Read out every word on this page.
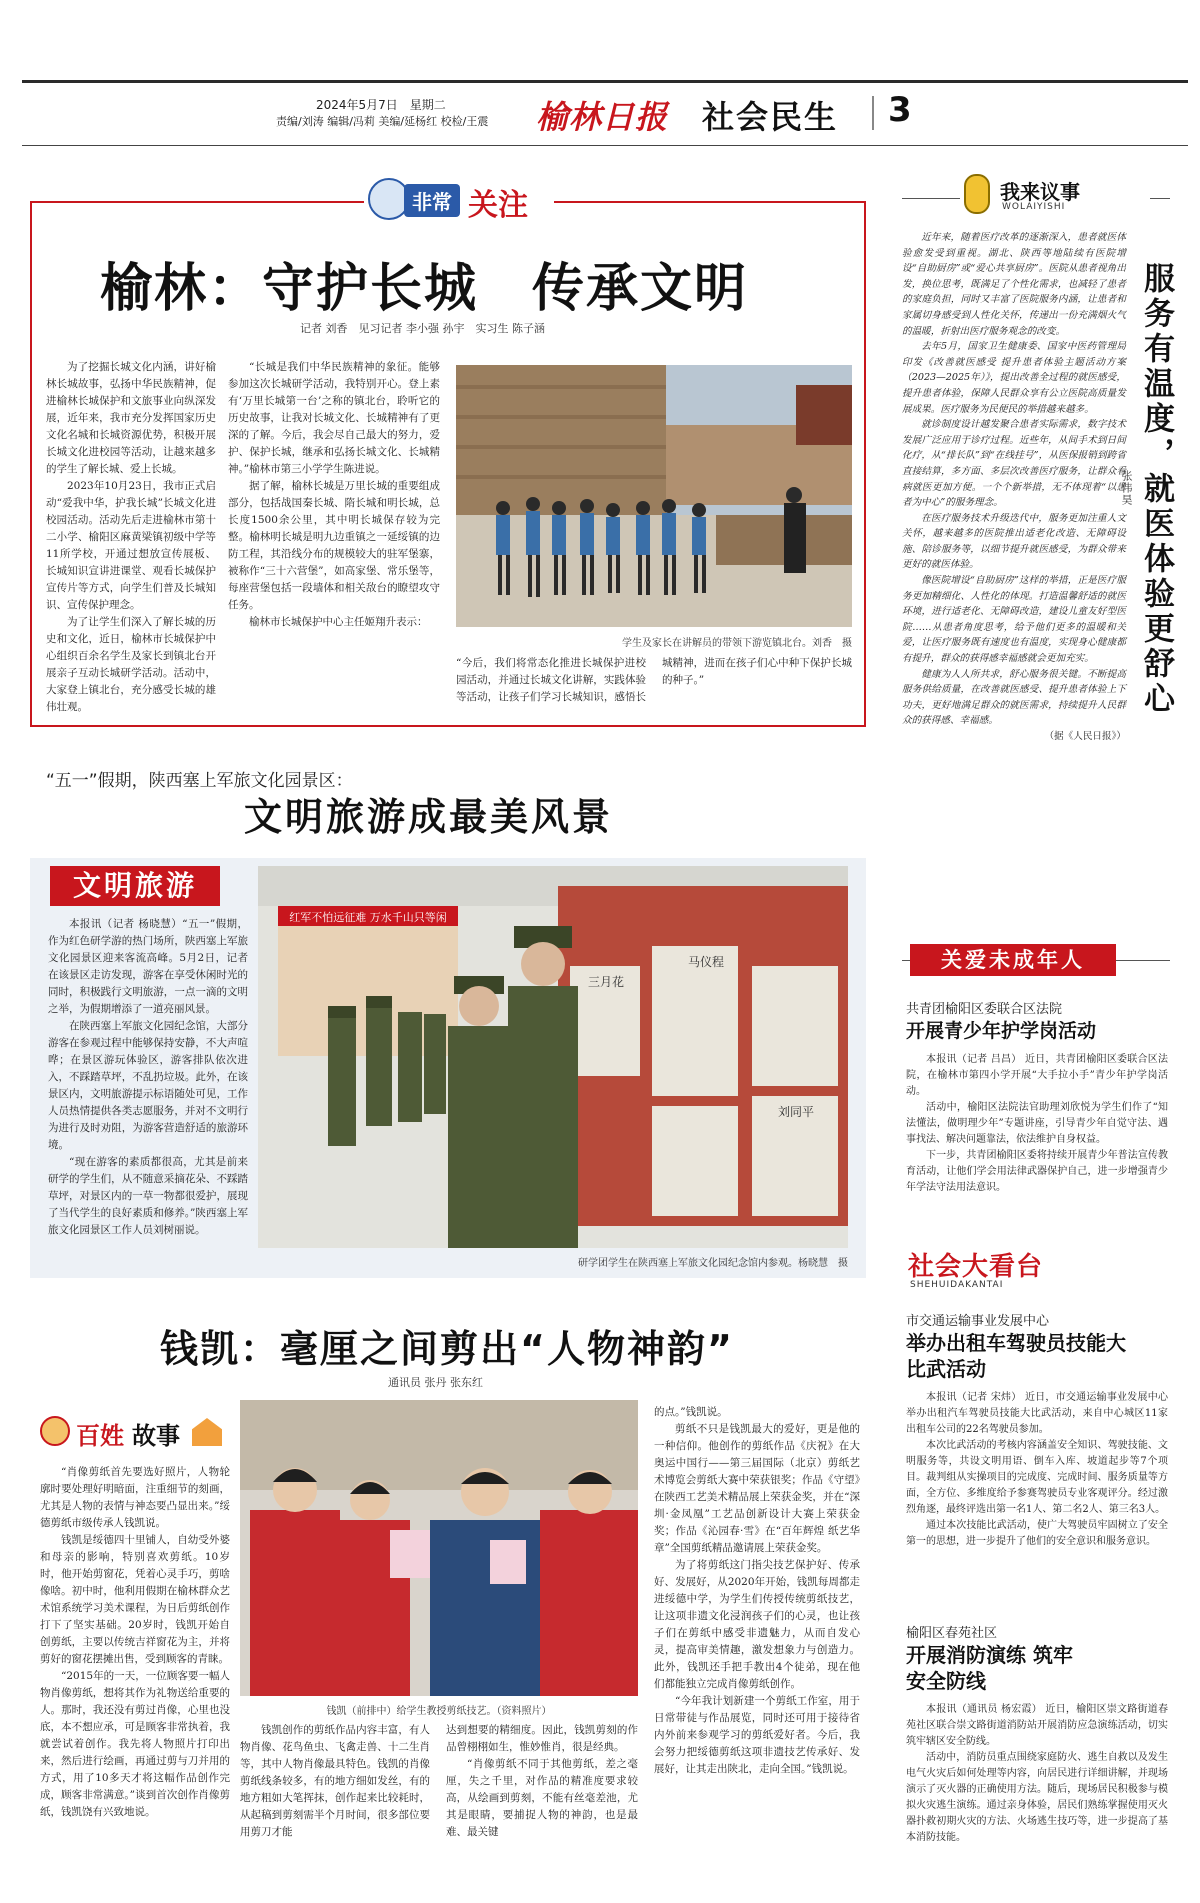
2024年5月7日　星期二
责编/刘涛 编辑/冯莉 美编/延杨红 校检/王震 榆林日报 社会民生 3
非常 关注
榆林：守护长城　传承文明
记者 刘香　见习记者 李小强 孙宇　实习生 陈子涵

为了挖掘长城文化内涵，讲好榆林长城故事，弘扬中华民族精神，促进榆林长城保护和文旅事业向纵深发展，近年来，我市充分发挥国家历史文化名城和长城资源优势，积极开展长城文化进校园等活动，让越来越多的学生了解长城、爱上长城。

2023年10月23日，我市正式启动“爱我中华，护我长城”长城文化进校园活动。活动先后走进榆林市第十二小学、榆阳区麻黄梁镇初级中学等11所学校，开通过想放宣传展板、长城知识宣讲进课堂、观看长城保护宣传片等方式，向学生们普及长城知识、宣传保护理念。

为了让学生们深入了解长城的历史和文化，近日，榆林市长城保护中心组织百余名学生及家长到镇北台开展亲子互动长城研学活动。活动中，大家登上镇北台，充分感受长城的雄伟壮观。

“长城是我们中华民族精神的象征。能够参加这次长城研学活动，我特别开心。登上素有‘万里长城第一台’之称的镇北台，聆听它的历史故事，让我对长城文化、长城精神有了更深的了解。今后，我会尽自己最大的努力，爱护、保护长城，继承和弘扬长城文化、长城精神。”榆林市第三小学学生陈进说。

据了解，榆林长城是万里长城的重要组成部分，包括战国秦长城、隋长城和明长城，总长度1500余公里，其中明长城保存较为完整。榆林明长城是明九边重镇之一延绥镇的边防工程，其沿线分布的规模较大的驻军堡寨，被称作“三十六营堡”，如高家堡、常乐堡等，每座营堡包括一段墙体和相关敌台的瞭望攻守任务。

榆林市长城保护中心主任姬翔升表示：

学生及家长在讲解员的带领下游览镇北台。刘香　摄
“今后，我们将常态化推进长城保护进校园活动，并通过长城文化讲解，实践体验等活动，让孩子们学习长城知识，感悟长城精神，进而在孩子们心中种下保护长城的种子。”
“五一”假期，陕西塞上军旅文化园景区：
文明旅游成最美风景
文明旅游

本报讯（记者 杨晓慧）“五一”假期，作为红色研学游的热门场所，陕西塞上军旅文化园景区迎来客流高峰。5月2日，记者在该景区走访发现，游客在享受休闲时光的同时，积极践行文明旅游，一点一滴的文明之举，为假期增添了一道亮丽风景。

在陕西塞上军旅文化园纪念馆，大部分游客在参观过程中能够保持安静，不大声喧哗；在景区游玩体验区，游客排队依次进入，不踩踏草坪，不乱扔垃圾。此外，在该景区内，文明旅游提示标语随处可见，工作人员热情提供各类志愿服务，并对不文明行为进行及时劝阻，为游客营造舒适的旅游环境。

“现在游客的素质都很高，尤其是前来研学的学生们，从不随意采摘花朵、不踩踏草坪，对景区内的一草一物都很爱护，展现了当代学生的良好素质和修养。”陕西塞上军旅文化园景区工作人员刘树丽说。

红军不怕远征难 万水千山只等闲
马仪程
刘同平
三月花
研学团学生在陕西塞上军旅文化园纪念馆内参观。杨晓慧　摄
钱凯：毫厘之间剪出“人物神韵”
通讯员 张丹 张东红
百姓 故事

“肖像剪纸首先要选好照片，人物轮廓时要处理好明暗面，注重细节的刻画，尤其是人物的表情与神态要凸显出来。”绥德剪纸市级传承人钱凯说。

钱凯是绥德四十里铺人，自幼受外婆和母亲的影响，特别喜欢剪纸。10岁时，他开始剪窗花，凭着心灵手巧，剪啥像啥。初中时，他利用假期在榆林群众艺术馆系统学习美术课程，为日后剪纸创作打下了坚实基础。20岁时，钱凯开始自创剪纸，主要以传统吉祥窗花为主，并将剪好的窗花摆摊出售，受到顾客的青睐。

“2015年的一天，一位顾客要一幅人物肖像剪纸，想将其作为礼物送给重要的人。那时，我还没有剪过肖像，心里也没底，本不想应承，可是顾客非常执着，我就尝试着创作。我先将人物照片打印出来，然后进行绘画，再通过剪与刀并用的方式，用了10多天才将这幅作品创作完成，顾客非常满意。”谈到首次创作肖像剪纸，钱凯饶有兴致地说。

钱凯（前排中）给学生教授剪纸技艺。（资料照片）

钱凯创作的剪纸作品内容丰富，有人物肖像、花鸟鱼虫、飞禽走兽、十二生肖等，其中人物肖像最具特色。钱凯的肖像剪纸线条较多，有的地方细如发丝，有的地方粗如大笔挥抹，创作起来比较耗时，从起稿到剪刻需半个月时间，很多部位要用剪刀才能

达到想要的精细度。因此，钱凯剪刻的作品曾栩栩如生，惟妙惟肖，很是经典。

“肖像剪纸不同于其他剪纸，差之毫厘，失之千里，对作品的精准度要求较高，从绘画到剪刻，不能有丝毫差池，尤其是眼睛，要捕捉人物的神韵，也是最难、最关键

的点。”钱凯说。

剪纸不只是钱凯最大的爱好，更是他的一种信仰。他创作的剪纸作品《庆祝》在大奥运中国行——第三届国际（北京）剪纸艺术博览会剪纸大赛中荣获银奖；作品《守望》在陕西工艺美术精品展上荣获金奖，并在“深圳·金凤凰”工艺品创新设计大赛上荣获金奖；作品《沁园春·雪》在“百年辉煌 纸艺华章”全国剪纸精品邀请展上荣获金奖。

为了将剪纸这门指尖技艺保护好、传承好、发展好，从2020年开始，钱凯每周都走进绥德中学，为学生们传授传统剪纸技艺，让这项非遗文化浸润孩子们的心灵，也让孩子们在剪纸中感受非遗魅力，从而自发心灵，提高审美情趣，激发想象力与创造力。此外，钱凯还手把手教出4个徒弟，现在他们都能独立完成肖像剪纸创作。

“今年我计划新建一个剪纸工作室，用于日常带徒与作品展览，同时还可用于接待省内外前来参观学习的剪纸爱好者。今后，我会努力把绥德剪纸这项非遗技艺传承好、发展好，让其走出陕北，走向全国。”钱凯说。

我来议事
WOLAIYISHI

近年来，随着医疗改革的逐渐深入，患者就医体验愈发受到重视。湖北、陕西等地陆续有医院增设“自助厨房”或“爱心共享厨房”。医院从患者视角出发，换位思考，既满足了个性化需求，也减轻了患者的家庭负担，同时又丰富了医院服务内涵，让患者和家属切身感受到人性化关怀，传递出一份充满烟火气的温暖，折射出医疗服务观念的改变。

去年5月，国家卫生健康委、国家中医药管理局印发《改善就医感受 提升患者体验主题活动方案（2023—2025年）》，提出改善全过程的就医感受，提升患者体验，保障人民群众享有公立医院高质量发展成果。医疗服务为民便民的举措越来越多。

就诊制度设计越发聚合患者实际需求，数字技术发展广泛应用于诊疗过程。近些年，从间手术到日间化疗，从“排长队”到“在线挂号”，从医保报销到跨省直接结算，多方面、多层次改善医疗服务，让群众看病就医更加方便。一个个新举措，无不体现着“以患者为中心”的服务理念。

在医疗服务技术升级迭代中，服务更加注重人文关怀，越来越多的医院推出适老化改造、无障碍设施、陪诊服务等，以细节提升就医感受，为群众带来更好的就医体验。

像医院增设“自助厨房”这样的举措，正是医疗服务更加精细化、人性化的体现。打造温馨舒适的就医环境，进行适老化、无障碍改造，建设儿童友好型医院……从患者角度思考，给予他们更多的温暖和关爱，让医疗服务既有速度也有温度，实现身心健康都有提升，群众的获得感幸福感就会更加充实。

健康为人人所共求，舒心服务很关键。不断提高服务供给质量，在改善就医感受、提升患者体验上下功夫，更好地满足群众的就医需求，持续提升人民群众的获得感、幸福感。

（据《人民日报》）
服务有温度，就医体验更舒心
张伟昊
关爱未成年人
共青团榆阳区委联合区法院
开展青少年护学岗活动

本报讯（记者 吕昌） 近日，共青团榆阳区委联合区法院，在榆林市第四小学开展“大手拉小手”青少年护学岗活动。

活动中，榆阳区法院法官助理刘欣悦为学生们作了“知法懂法，做明理少年”专题讲座，引导青少年自觉守法、遇事找法、解决问题靠法，依法维护自身权益。

下一步，共青团榆阳区委将持续开展青少年普法宣传教育活动，让他们学会用法律武器保护自己，进一步增强青少年学法守法用法意识。

社会大看台
SHEHUIDAKANTAI
市交通运输事业发展中心
举办出租车驾驶员技能大比武活动

本报讯（记者 宋炜） 近日，市交通运输事业发展中心举办出租汽车驾驶员技能大比武活动，来自中心城区11家出租车公司的22名驾驶员参加。

本次比武活动的考核内容涵盖安全知识、驾驶技能、文明服务等，共设文明用语、倒车入库、坡道起步等7个项目。裁判组从实操项目的完成度、完成时间、服务质量等方面，全方位、多维度给予参赛驾驶员专业客观评分。经过激烈角逐，最终评选出第一名1人、第二名2人、第三名3人。

通过本次技能比武活动，使广大驾驶员牢固树立了安全第一的思想，进一步提升了他们的安全意识和服务意识。

榆阳区春苑社区
开展消防演练 筑牢安全防线

本报讯（通讯员 杨宏霞） 近日，榆阳区崇文路街道春苑社区联合崇文路街道消防站开展消防应急演练活动，切实筑牢辖区安全防线。

活动中，消防员重点围绕家庭防火、逃生自救以及发生电气火灾后如何处理等内容，向居民进行详细讲解，并现场演示了灭火器的正确使用方法。随后，现场居民积极参与模拟火灾逃生演练。通过亲身体验，居民们熟练掌握使用灭火器扑救初期火灾的方法、火场逃生技巧等，进一步提高了基本消防技能。
